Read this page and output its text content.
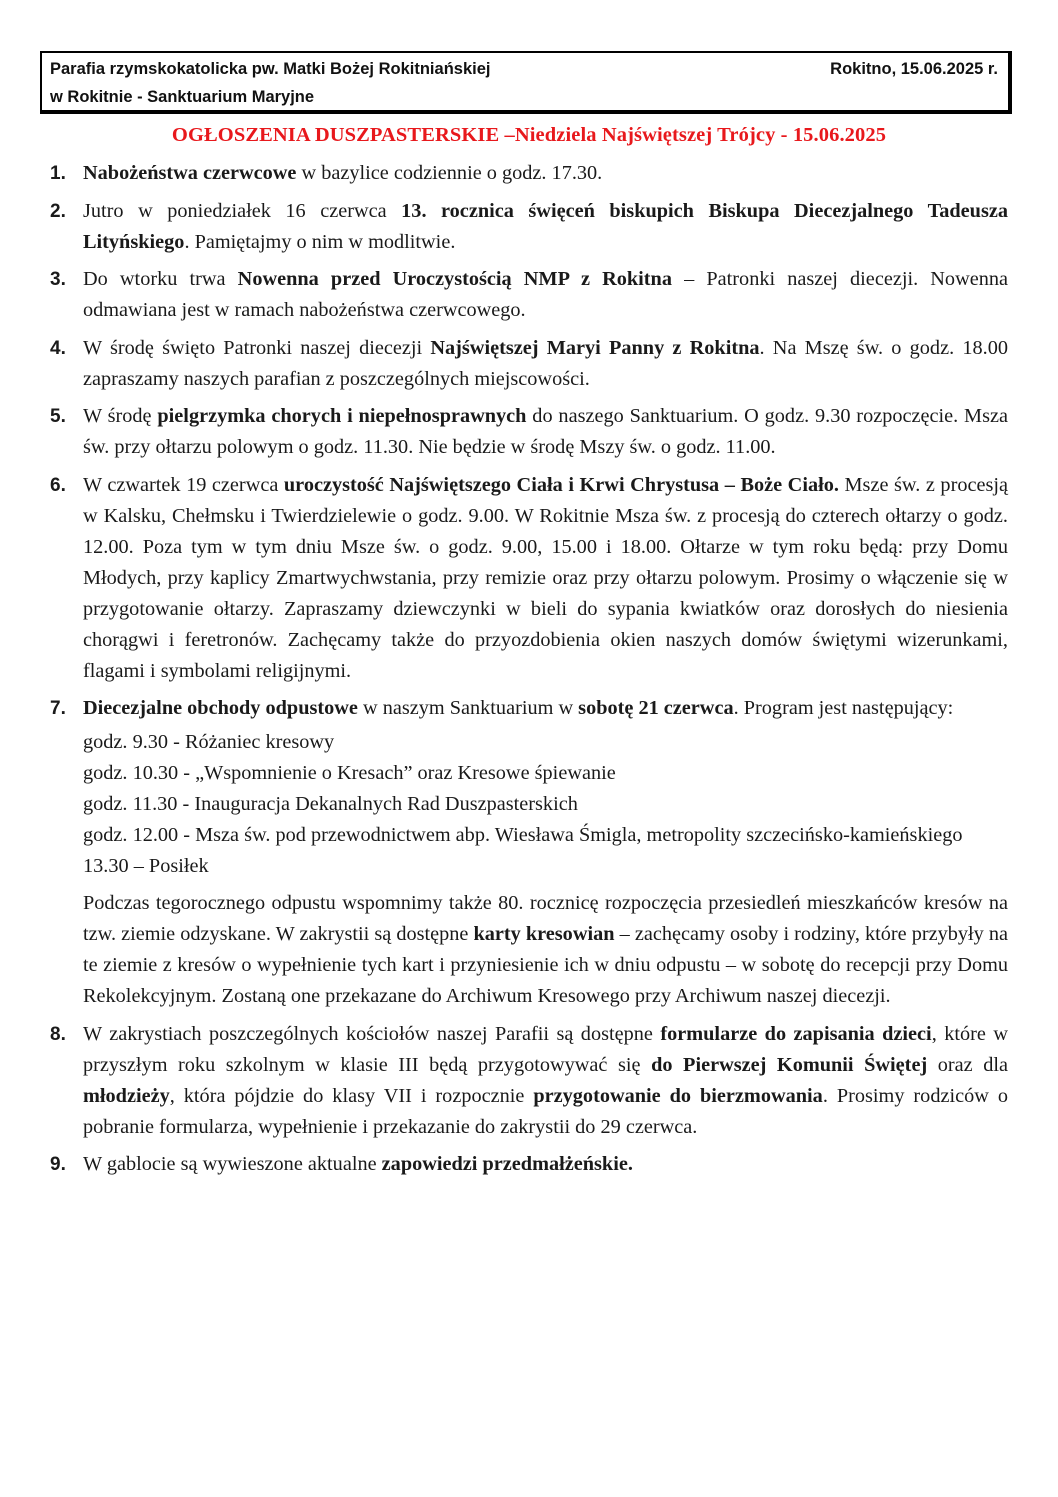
Parafia rzymskokatolicka pw. Matki Bożej Rokitniańskiej
w Rokitnie - Sanktuarium Maryjne
Rokitno, 15.06.2025 r.
OGŁOSZENIA DUSZPASTERSKIE –Niedziela Najświętszej Trójcy - 15.06.2025
1. Nabożeństwa czerwcowe w bazylice codziennie o godz. 17.30.

2. Jutro w poniedziałek 16 czerwca 13. rocznica święceń biskupich Biskupa Diecezjalnego Tadeusza Lityńskiego. Pamiętajmy o nim w modlitwie.

3. Do wtorku trwa Nowenna przed Uroczystością NMP z Rokitna – Patronki naszej diecezji. Nowenna odmawiana jest w ramach nabożeństwa czerwcowego.

4. W środę święto Patronki naszej diecezji Najświętszej Maryi Panny z Rokitna. Na Mszę św. o godz. 18.00 zapraszamy naszych parafian z poszczególnych miejscowości.

5. W środę pielgrzymka chorych i niepełnosprawnych do naszego Sanktuarium. O godz. 9.30 rozpoczęcie. Msza św. przy ołtarzu polowym o godz. 11.30. Nie będzie w środę Mszy św. o godz. 11.00.

6. W czwartek 19 czerwca uroczystość Najświętszego Ciała i Krwi Chrystusa – Boże Ciało. Msze św. z procesją w Kalsku, Chełmsku i Twierdzielewie o godz. 9.00. W Rokitnie Msza św. z procesją do czterech ołtarzy o godz. 12.00. Poza tym w tym dniu Msze św. o godz. 9.00, 15.00 i 18.00. Ołtarze w tym roku będą: przy Domu Młodych, przy kaplicy Zmartwychwstania, przy remizie oraz przy ołtarzu polowym. Prosimy o włączenie się w przygotowanie ołtarzy. Zapraszamy dziewczynki w bieli do sypania kwiatków oraz dorosłych do niesienia chorągwi i feretronów. Zachęcamy także do przyozdobienia okien naszych domów świętymi wizerunkami, flagami i symbolami religijnymi.

7. Diecezjalne obchody odpustowe w naszym Sanktuarium w sobotę 21 czerwca. Program jest następujący:

godz. 9.30 - Różaniec kresowy
godz. 10.30 - „Wspomnienie o Kresach” oraz Kresowe śpiewanie
godz. 11.30 - Inauguracja Dekanalnych Rad Duszpasterskich
godz. 12.00 - Msza św. pod przewodnictwem abp. Wiesława Śmigla, metropolity szczecińsko-kamieńskiego
13.30 – Posiłek

Podczas tegorocznego odpustu wspomnimy także 80. rocznicę rozpoczęcia przesiedleń mieszkańców kresów na tzw. ziemie odzyskane. W zakrystii są dostępne karty kresowian – zachęcamy osoby i rodziny, które przybyły na te ziemie z kresów o wypełnienie tych kart i przyniesienie ich w dniu odpustu – w sobotę do recepcji przy Domu Rekolekcyjnym. Zostaną one przekazane do Archiwum Kresowego przy Archiwum naszej diecezji.

8. W zakrystiach poszczególnych kościołów naszej Parafii są dostępne formularze do zapisania dzieci, które w przyszłym roku szkolnym w klasie III będą przygotowywać się do Pierwszej Komunii Świętej oraz dla młodzieży, która pójdzie do klasy VII i rozpocznie przygotowanie do bierzmowania. Prosimy rodziców o pobranie formularza, wypełnienie i przekazanie do zakrystii do 29 czerwca.

9. W gablocie są wywieszone aktualne zapowiedzi przedmałżeńskie.
